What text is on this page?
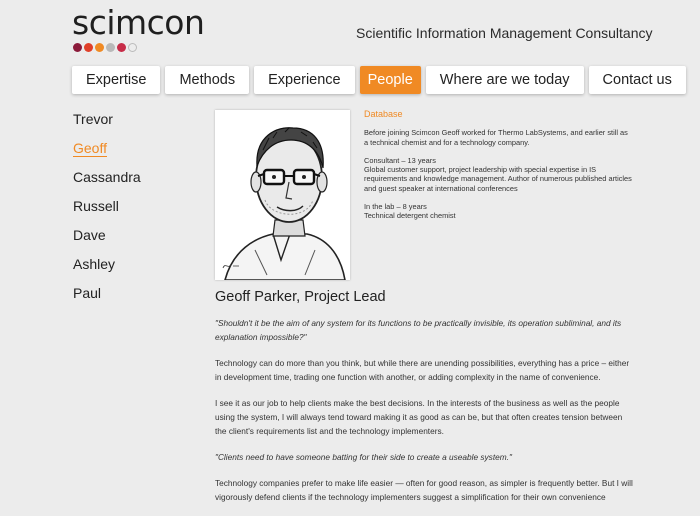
scimcon	Scientific Information Management Consultancy
Expertise	Methods	Experience	People	Where are we today	Contact us
Trevor
Geoff
Cassandra
Russell
Dave
Ashley
Paul
Database

Before joining Scimcon Geoff worked for Thermo LabSystems, and earlier still as a technical chemist and for a technology company.

Consultant – 13 years
Global customer support, project leadership with special expertise in IS requirements and knowledge management. Author of numerous published articles and guest speaker at international conferences

In the lab – 8 years
Technical detergent chemist

Geoff Parker, Project Lead

"Shouldn't it be the aim of any system for its functions to be practically invisible, its operation subliminal, and its explanation impossible?"

Technology can do more than you think, but while there are unending possibilities, everything has a price – either in development time, trading one function with another, or adding complexity in the name of convenience.

I see it as our job to help clients make the best decisions. In the interests of the business as well as the people using the system, I will always tend toward making it as good as can be, but that often creates tension between the client's requirements list and the technology implementers.

"Clients need to have someone batting for their side to create a useable system."

Technology companies prefer to make life easier — often for good reason, as simpler is frequently better. But I will vigorously defend clients if the technology implementers suggest a simplification for their own convenience
